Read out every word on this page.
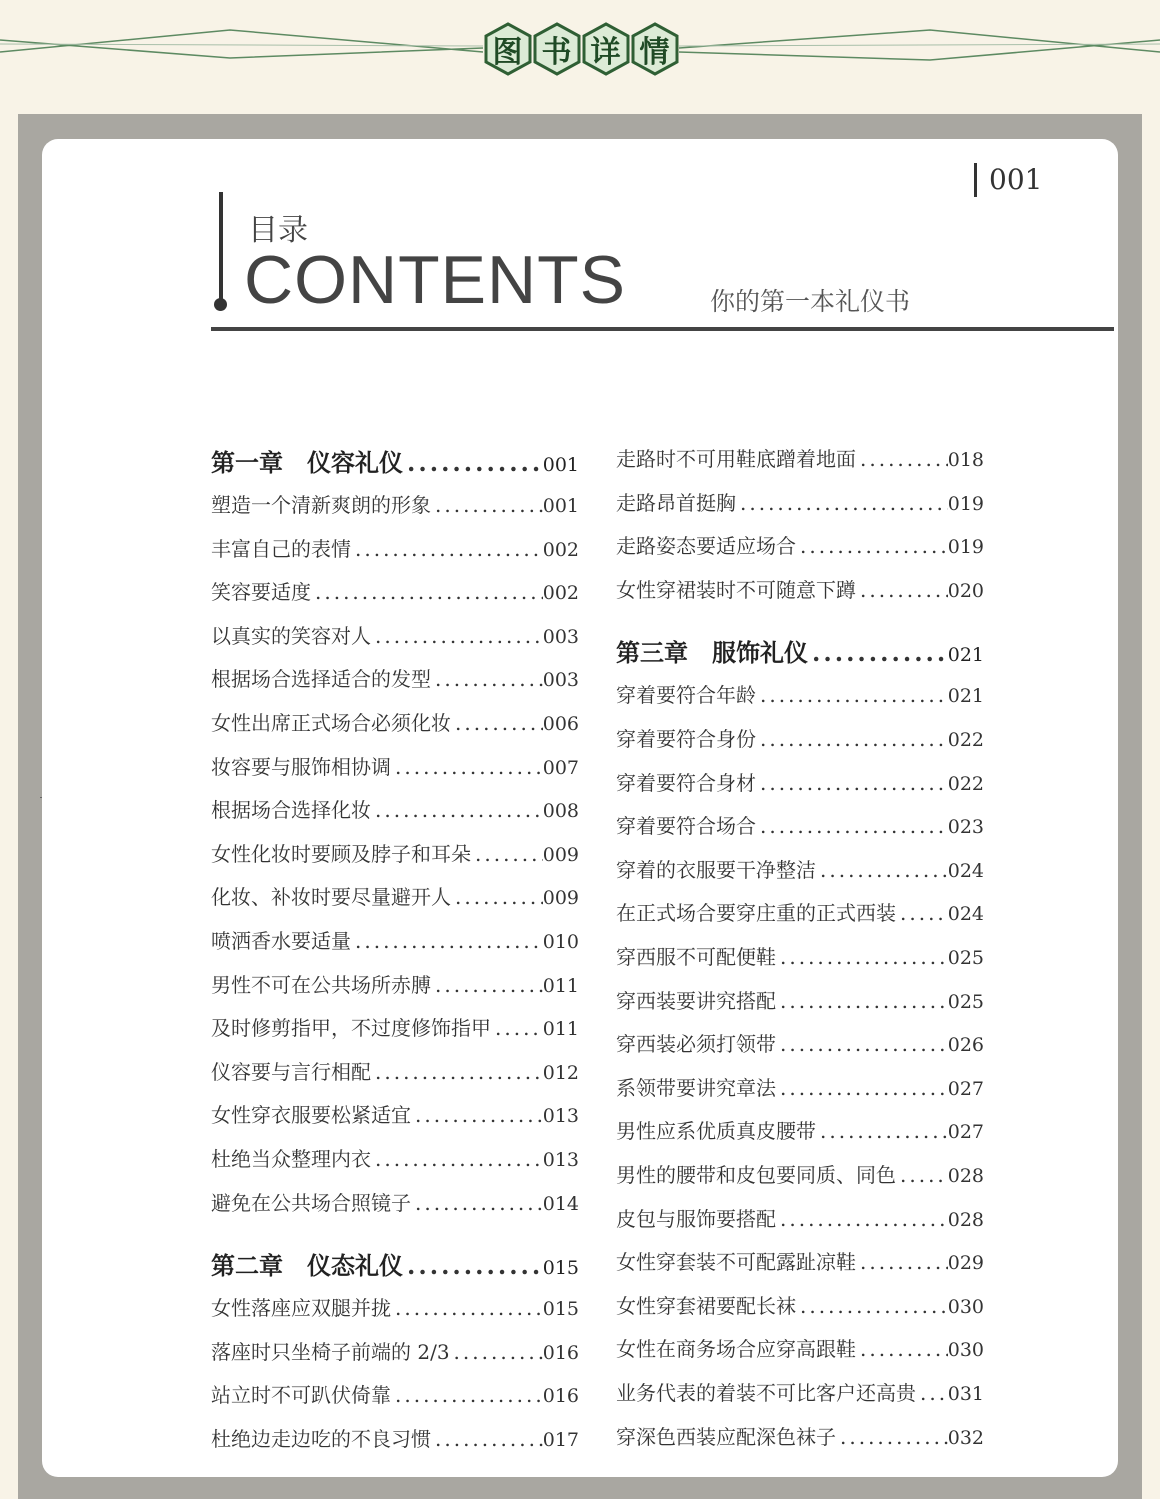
图 书 详 情
001
目录
CONTENTS	你的第一本礼仪书
第一章 仪容礼仪 .....	001
塑造一个清新爽朗的形象 .....	001
丰富自己的表情 .....	002
笑容要适度 .....	002
以真实的笑容对人 .....	003
根据场合选择适合的发型 .....	003
女性出席正式场合必须化妆 .....	006
妆容要与服饰相协调 .....	007
根据场合选择化妆 .....	008
女性化妆时要顾及脖子和耳朵 .....	009
化妆、补妆时要尽量避开人 .....	009
喷洒香水要适量 .....	010
男性不可在公共场所赤膊 .....	011
及时修剪指甲，不过度修饰指甲 .....	011
仪容要与言行相配 .....	012
女性穿衣服要松紧适宜 .....	013
杜绝当众整理内衣 .....	013
避免在公共场合照镜子 .....	014
第二章 仪态礼仪 .....	015
女性落座应双腿并拢 .....	015
落座时只坐椅子前端的 2/3 .....	016
站立时不可趴伏倚靠 .....	016
杜绝边走边吃的不良习惯 .....	017
走路时不可用鞋底蹭着地面 .....	018
走路昂首挺胸 .....	019
走路姿态要适应场合 .....	019
女性穿裙装时不可随意下蹲 .....	020
第三章 服饰礼仪 .....	021
穿着要符合年龄 .....	021
穿着要符合身份 .....	022
穿着要符合身材 .....	022
穿着要符合场合 .....	023
穿着的衣服要干净整洁 .....	024
在正式场合要穿庄重的正式西装 .....	024
穿西服不可配便鞋 .....	025
穿西装要讲究搭配 .....	025
穿西装必须打领带 .....	026
系领带要讲究章法 .....	027
男性应系优质真皮腰带 .....	027
男性的腰带和皮包要同质、同色 .....	028
皮包与服饰要搭配 .....	028
女性穿套装不可配露趾凉鞋 .....	029
女性穿套裙要配长袜 .....	030
女性在商务场合应穿高跟鞋 .....	030
业务代表的着装不可比客户还高贵 ..... 031
穿深色西装应配深色袜子 .....	032
